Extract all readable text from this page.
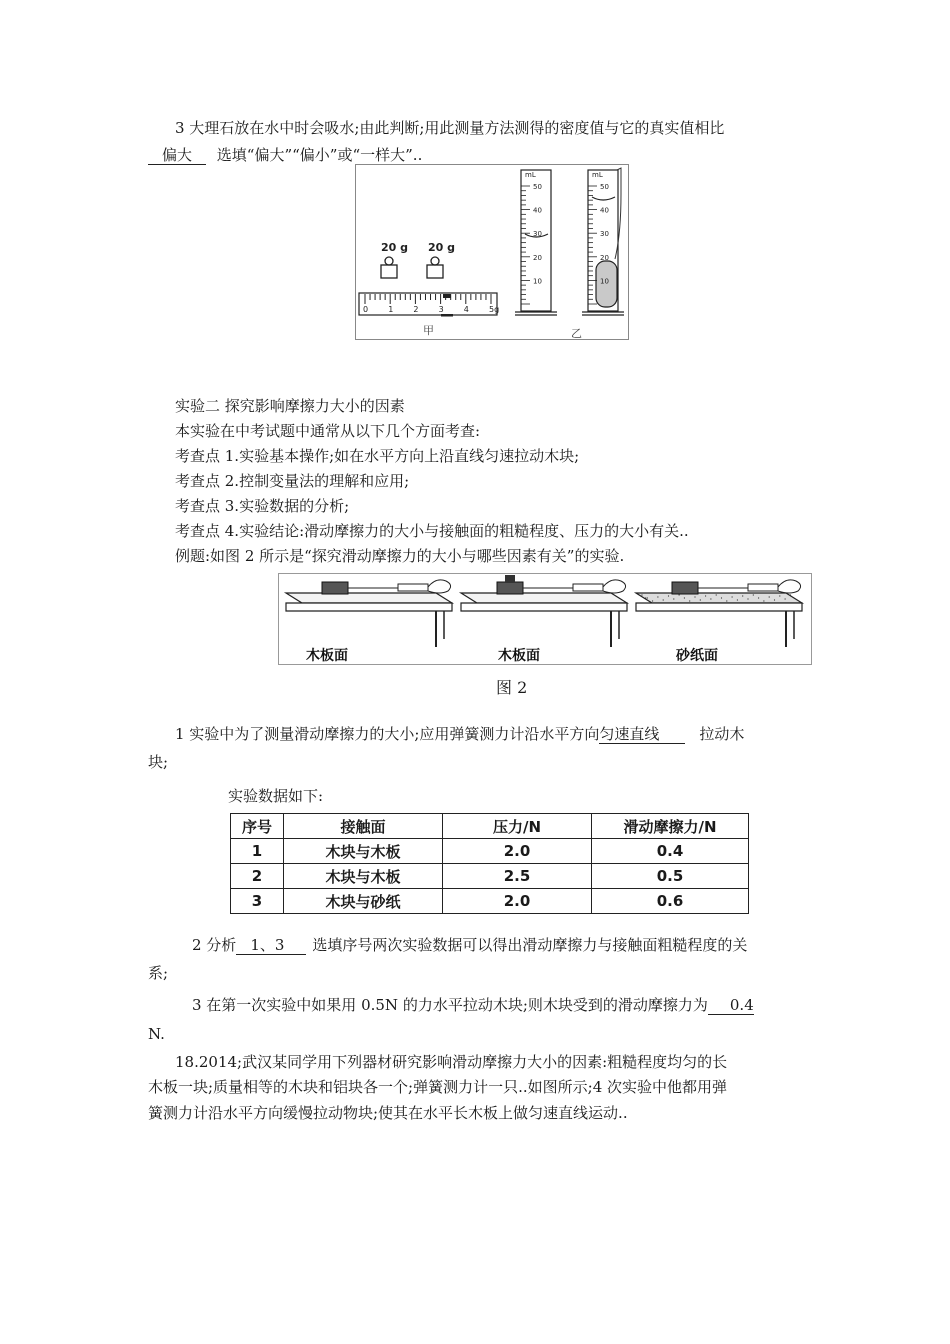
3 大理石放在水中时会吸水;由此判断;用此测量方法测得的密度值与它的真实值相比
偏大 选填“偏大”“偏小”或“一样大”..
20 g 20 g
0	1	2	3	4	5g
甲
50
40
30
20
10
50
40
30
20
10
mL	mL
乙
实验二 探究影响摩擦力大小的因素
本实验在中考试题中通常从以下几个方面考查:
考查点 1.实验基本操作;如在水平方向上沿直线匀速拉动木块;
考查点 2.控制变量法的理解和应用;
考查点 3.实验数据的分析;
考查点 4.实验结论:滑动摩擦力的大小与接触面的粗糙程度、压力的大小有关..
例题:如图 2 所示是“探究滑动摩擦力的大小与哪些因素有关”的实验.
木板面	木板面	砂纸面
图 2
1 实验中为了测量滑动摩擦力的大小;应用弹簧测力计沿水平方向匀速直线	拉动木
块;
实验数据如下:
序号	接触面	压力/N	滑动摩擦力/N
1	木块与木板	2.0	0.4
2	木块与木板	2.5	0.5
3	木块与砂纸	2.0	0.6
2 分析 1、3 选填序号两次实验数据可以得出滑动摩擦力与接触面粗糙程度的关
系;
3 在第一次实验中如果用 0.5N 的力水平拉动木块;则木块受到的滑动摩擦力为 0.4
N.
18.2014;武汉某同学用下列器材研究影响滑动摩擦力大小的因素:粗糙程度均匀的长
木板一块;质量相等的木块和铝块各一个;弹簧测力计一只..如图所示;4 次实验中他都用弹
簧测力计沿水平方向缓慢拉动物块;使其在水平长木板上做匀速直线运动..
